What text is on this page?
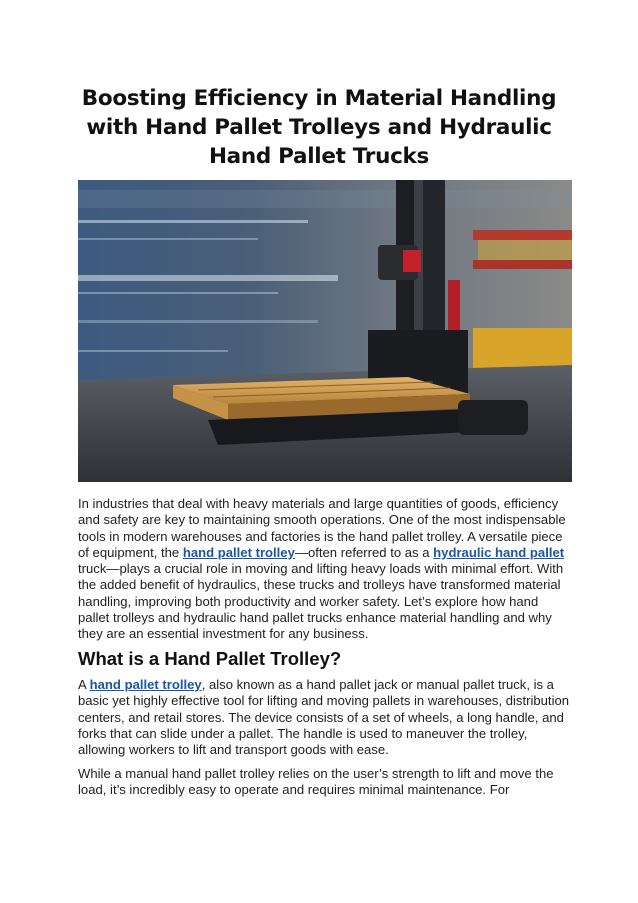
Boosting Efficiency in Material Handling with Hand Pallet Trolleys and Hydraulic Hand Pallet Trucks

In industries that deal with heavy materials and large quantities of goods, efficiency and safety are key to maintaining smooth operations. One of the most indispensable tools in modern warehouses and factories is the hand pallet trolley. A versatile piece of equipment, the hand pallet trolley—often referred to as a hydraulic hand pallet truck—plays a crucial role in moving and lifting heavy loads with minimal effort. With the added benefit of hydraulics, these trucks and trolleys have transformed material handling, improving both productivity and worker safety. Let’s explore how hand pallet trolleys and hydraulic hand pallet trucks enhance material handling and why they are an essential investment for any business.

What is a Hand Pallet Trolley?

A hand pallet trolley, also known as a hand pallet jack or manual pallet truck, is a basic yet highly effective tool for lifting and moving pallets in warehouses, distribution centers, and retail stores. The device consists of a set of wheels, a long handle, and forks that can slide under a pallet. The handle is used to maneuver the trolley, allowing workers to lift and transport goods with ease.

While a manual hand pallet trolley relies on the user’s strength to lift and move the load, it’s incredibly easy to operate and requires minimal maintenance. For
